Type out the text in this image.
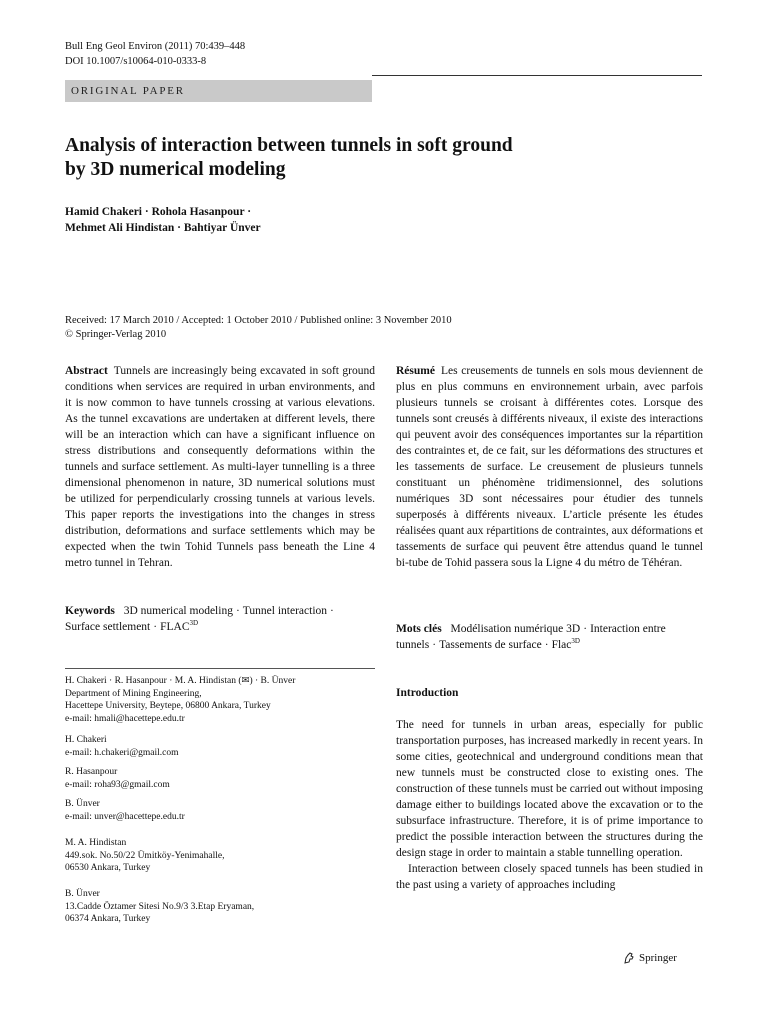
Bull Eng Geol Environ (2011) 70:439–448
DOI 10.1007/s10064-010-0333-8
ORIGINAL PAPER
Analysis of interaction between tunnels in soft ground
by 3D numerical modeling
Hamid Chakeri · Rohola Hasanpour ·
Mehmet Ali Hindistan · Bahtiyar Ünver
Received: 17 March 2010 / Accepted: 1 October 2010 / Published online: 3 November 2010
© Springer-Verlag 2010
Abstract Tunnels are increasingly being excavated in soft ground conditions when services are required in urban environments, and it is now common to have tunnels crossing at various elevations. As the tunnel excavations are undertaken at different levels, there will be an interaction which can have a significant influence on stress distributions and consequently deformations within the tunnels and surface settlement. As multi-layer tunnelling is a three dimensional phenomenon in nature, 3D numerical solutions must be utilized for perpendicularly crossing tunnels at various levels. This paper reports the investigations into the changes in stress distribution, deformations and surface settlements which may be expected when the twin Tohid Tunnels pass beneath the Line 4 metro tunnel in Tehran.
Keywords 3D numerical modeling · Tunnel interaction ·
Surface settlement · $FLAC^{3D}$
H. Chakeri · R. Hasanpour · M. A. Hindistan (✉) · B. Ünver
Department of Mining Engineering,
Hacettepe University, Beytepe, 06800 Ankara, Turkey
e-mail: hmali@hacettepe.edu.tr
H. Chakeri
e-mail: h.chakeri@gmail.com
R. Hasanpour
e-mail: roha93@gmail.com
B. Ünver
e-mail: unver@hacettepe.edu.tr
M. A. Hindistan
449.sok. No.50/22 Ümitköy-Yenimahalle,
06530 Ankara, Turkey
B. Ünver
13.Cadde Öztamer Sitesi No.9/3 3.Etap Eryaman,
06374 Ankara, Turkey
Résumé Les creusements de tunnels en sols mous deviennent de plus en plus communs en environnement urbain, avec parfois plusieurs tunnels se croisant à différentes cotes. Lorsque des tunnels sont creusés à différents niveaux, il existe des interactions qui peuvent avoir des conséquences importantes sur la répartition des contraintes et, de ce fait, sur les déformations des structures et les tassements de surface. Le creusement de plusieurs tunnels constituant un phénomène tridimensionnel, des solutions numériques 3D sont nécessaires pour étudier des tunnels superposés à différents niveaux. L’article présente les études réalisées quant aux répartitions de contraintes, aux déformations et tassements de surface qui peuvent être attendus quand le tunnel bi-tube de Tohid passera sous la Ligne 4 du métro de Téhéran.
Mots clés Modélisation numérique 3D · Interaction entre tunnels · Tassements de surface · Flac$^{3D}$
Introduction

The need for tunnels in urban areas, especially for public transportation purposes, has increased markedly in recent years. In some cities, geotechnical and underground conditions mean that new tunnels must be constructed close to existing ones. The construction of these tunnels must be carried out without imposing damage either to buildings located above the excavation or to the subsurface infrastructure. Therefore, it is of prime importance to predict the possible interaction between the structures during the design stage in order to maintain a stable tunnelling operation.

Interaction between closely spaced tunnels has been studied in the past using a variety of approaches including

Springer
